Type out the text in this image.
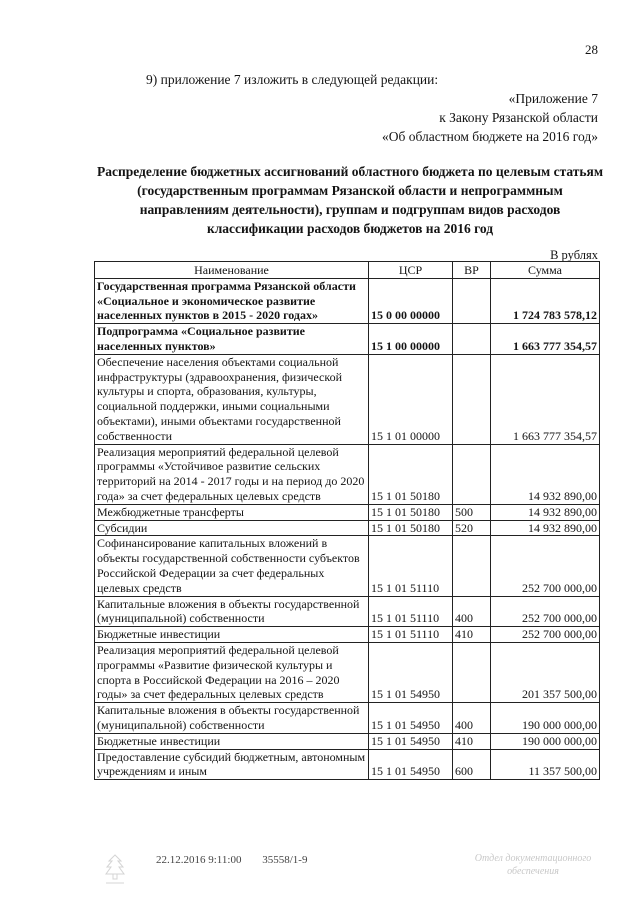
28
9) приложение 7 изложить в следующей редакции:
«Приложение 7
к Закону Рязанской области
«Об областном бюджете на 2016 год»
Распределение бюджетных ассигнований областного бюджета по целевым статьям (государственным программам Рязанской области и непрограммным направлениям деятельности), группам и подгруппам видов расходов классификации расходов бюджетов на 2016 год
В рублях
Наименование	ЦСР	ВР	Сумма
Государственная программа Рязанской области «Социальное и экономическое развитие населенных пунктов в 2015 - 2020 годах»	15 0 00 00000		1 724 783 578,12
Подпрограмма «Социальное развитие населенных пунктов»	15 1 00 00000		1 663 777 354,57
Обеспечение населения объектами социальной инфраструктуры (здравоохранения, физической культуры и спорта, образования, культуры, социальной поддержки, иными социальными объектами), иными объектами государственной собственности	15 1 01 00000		1 663 777 354,57
Реализация мероприятий федеральной целевой программы «Устойчивое развитие сельских территорий на 2014 - 2017 годы и на период до 2020 года» за счет федеральных целевых средств	15 1 01 50180		14 932 890,00
Межбюджетные трансферты	15 1 01 50180	500	14 932 890,00
Субсидии	15 1 01 50180	520	14 932 890,00
Софинансирование капитальных вложений в объекты государственной собственности субъектов Российской Федерации за счет федеральных целевых средств	15 1 01 51110		252 700 000,00
Капитальные вложения в объекты государственной (муниципальной) собственности	15 1 01 51110	400	252 700 000,00
Бюджетные инвестиции	15 1 01 51110	410	252 700 000,00
Реализация мероприятий федеральной целевой программы «Развитие физической культуры и спорта в Российской Федерации на 2016 – 2020 годы» за счет федеральных целевых средств	15 1 01 54950		201 357 500,00
Капитальные вложения в объекты государственной (муниципальной) собственности	15 1 01 54950	400	190 000 000,00
Бюджетные инвестиции	15 1 01 54950	410	190 000 000,00
Предоставление субсидий бюджетным, автономным учреждениям и иным	15 1 01 54950	600	11 357 500,00
22.12.2016 9:11:00 35558/1-9	Отдел документационного обеспечения
